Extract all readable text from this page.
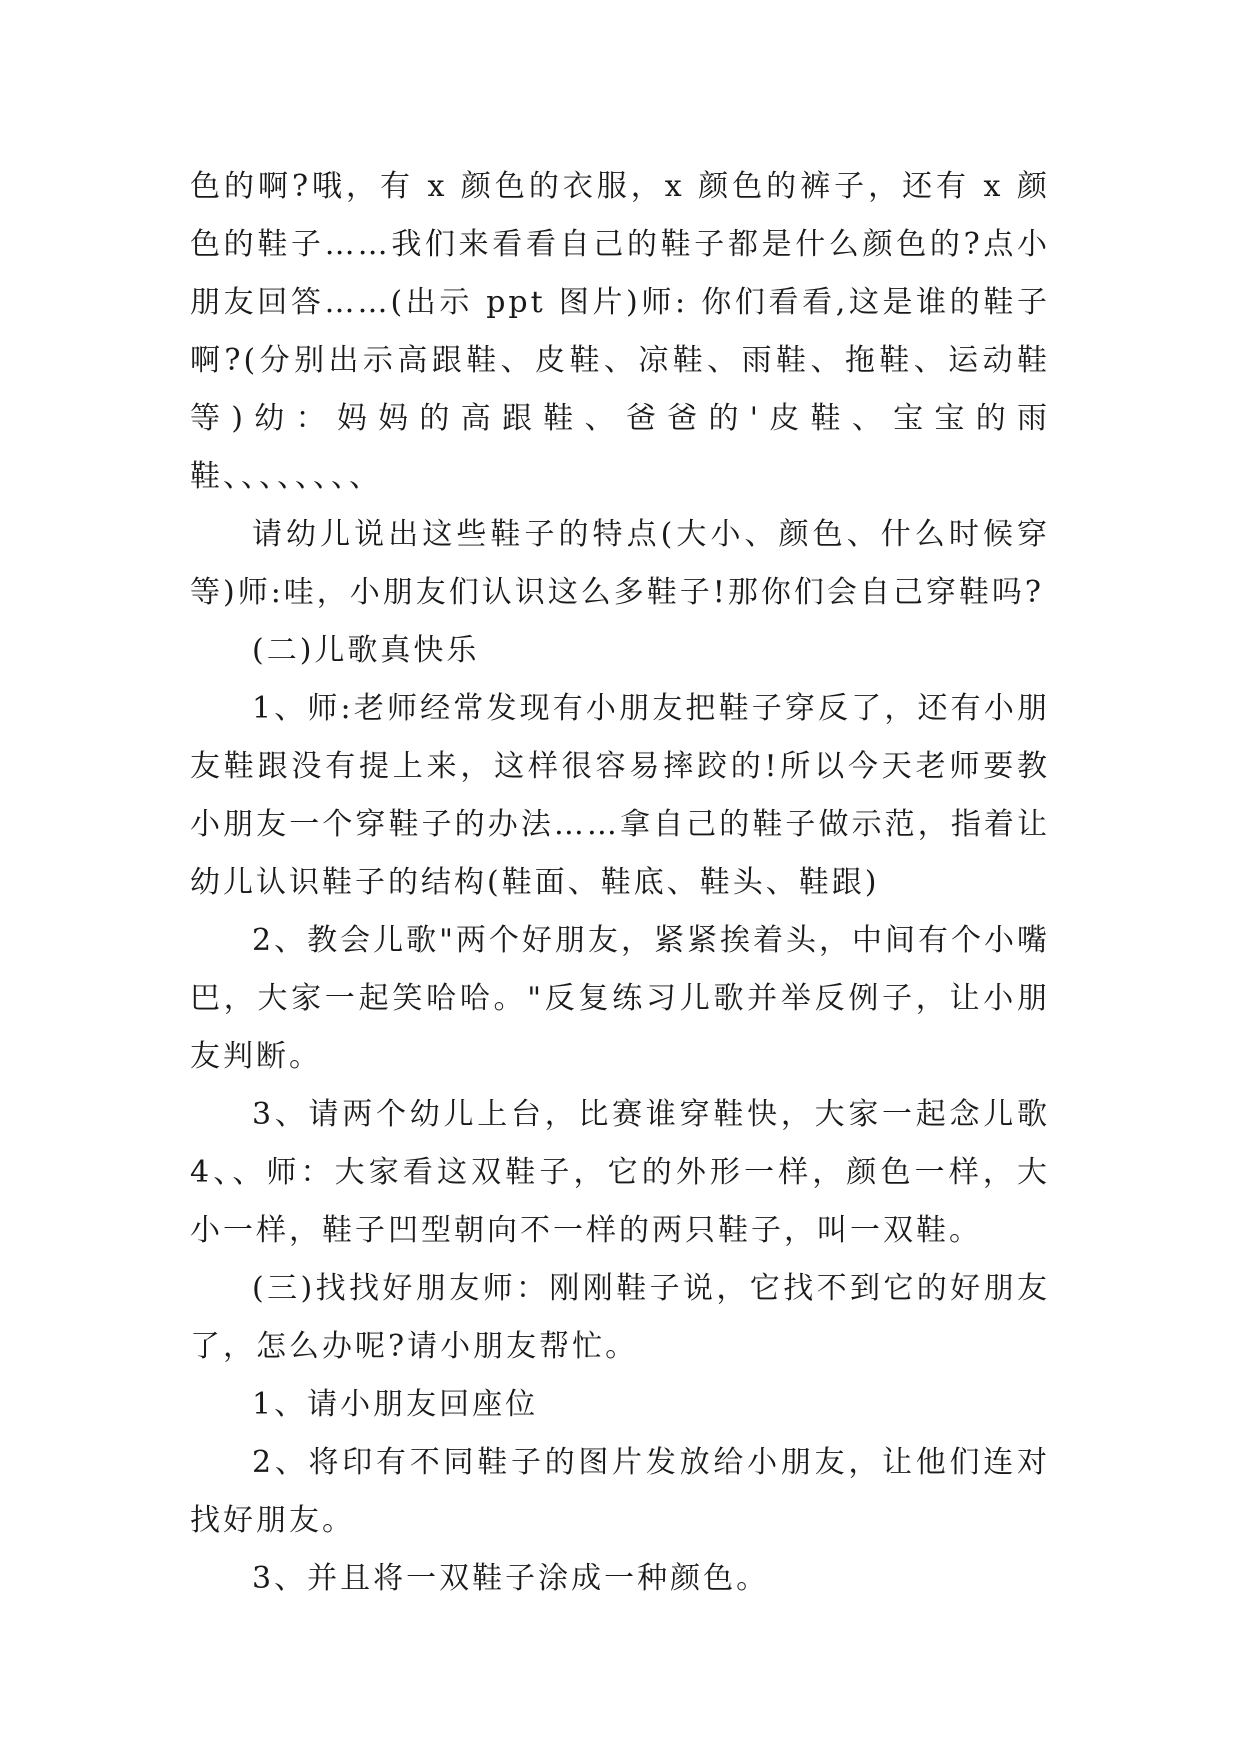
色的啊?哦，有 x 颜色的衣服，x 颜色的裤子，还有 x 颜色的鞋子……我们来看看自己的鞋子都是什么颜色的?点小朋友回答……(出示 ppt 图片)师: 你们看看,这是谁的鞋子啊?(分别出示高跟鞋、皮鞋、凉鞋、雨鞋、拖鞋、运动鞋等)幼：妈妈的高跟鞋、爸爸的'皮鞋、宝宝的雨鞋、、、、、、、、

请幼儿说出这些鞋子的特点(大小、颜色、什么时候穿等)师:哇，小朋友们认识这么多鞋子!那你们会自己穿鞋吗?

(二)儿歌真快乐

1、师:老师经常发现有小朋友把鞋子穿反了，还有小朋友鞋跟没有提上来，这样很容易摔跤的!所以今天老师要教小朋友一个穿鞋子的办法……拿自己的鞋子做示范，指着让幼儿认识鞋子的结构(鞋面、鞋底、鞋头、鞋跟)

2、教会儿歌"两个好朋友，紧紧挨着头，中间有个小嘴巴，大家一起笑哈哈。"反复练习儿歌并举反例子，让小朋友判断。

3、请两个幼儿上台，比赛谁穿鞋快，大家一起念儿歌4、、师：大家看这双鞋子，它的外形一样，颜色一样，大小一样，鞋子凹型朝向不一样的两只鞋子，叫一双鞋。

(三)找找好朋友师：刚刚鞋子说，它找不到它的好朋友了，怎么办呢?请小朋友帮忙。

1、请小朋友回座位

2、将印有不同鞋子的图片发放给小朋友，让他们连对找好朋友。

3、并且将一双鞋子涂成一种颜色。
